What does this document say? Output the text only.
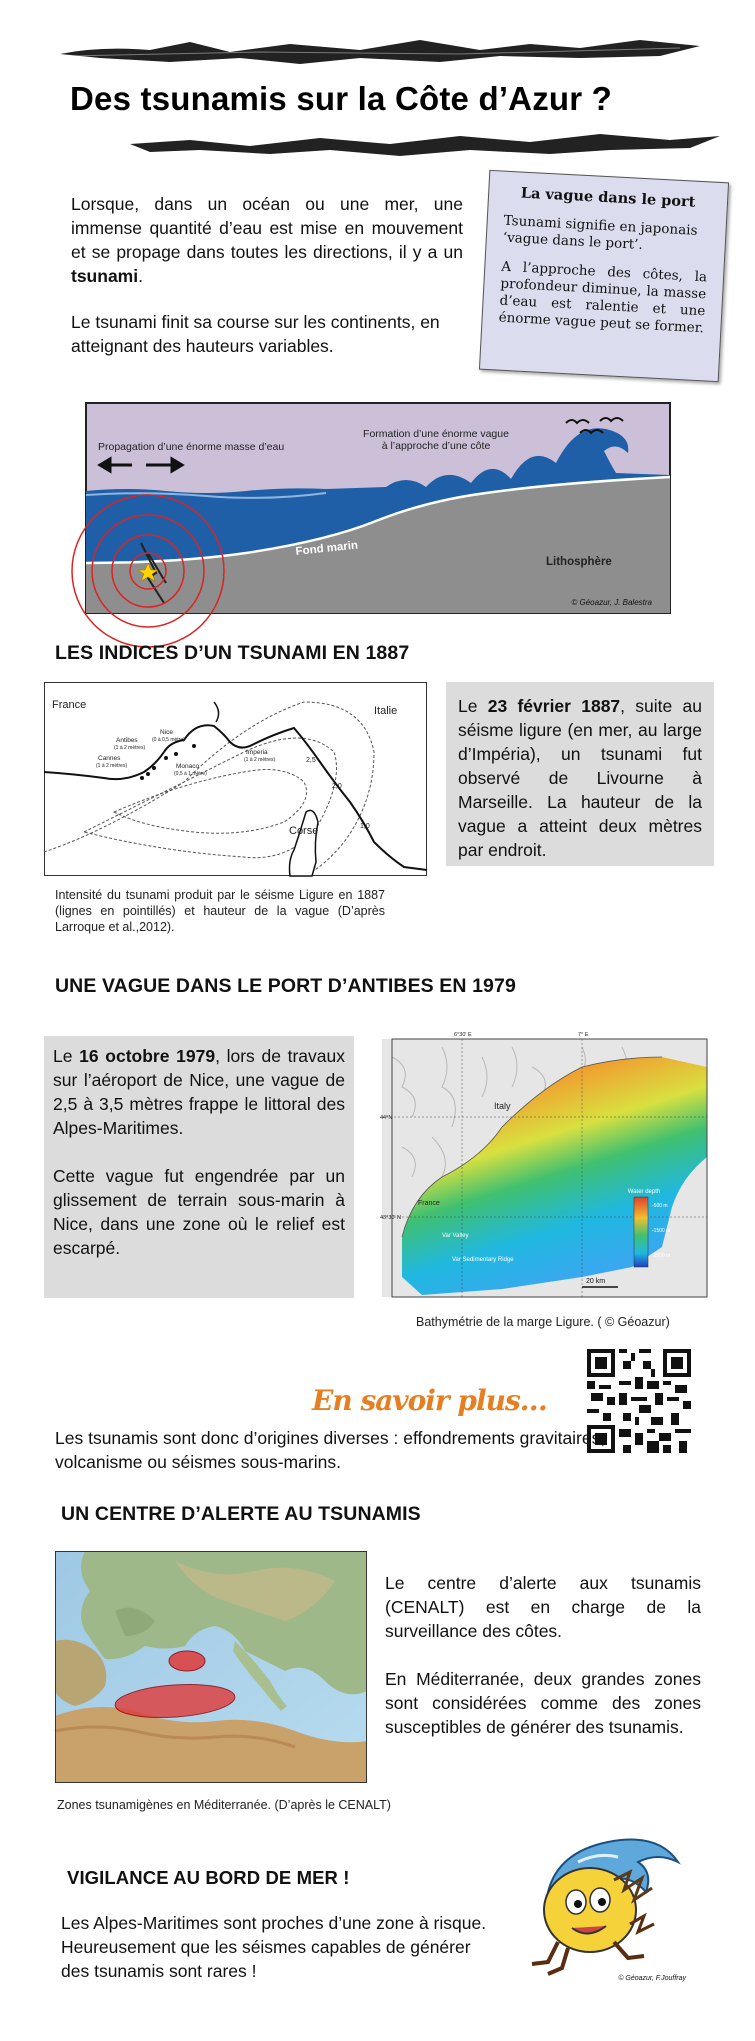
Des tsunamis sur la Côte d’Azur ?
Lorsque, dans un océan ou une mer, une immense quantité d’eau est mise en mouvement et se propage dans toutes les directions, il y a un tsunami.
Le tsunami finit sa course sur les continents, en atteignant des hauteurs variables.
La vague dans le port
Tsunami signifie en japonais ‘vague dans le port’.
A l’approche des côtes, la profondeur diminue, la masse d’eau est ralentie et une énorme vague peut se former.
Propagation d’une énorme masse d’eau
Formation d’une énorme vague
à l’approche d’une côte
Fond marin
Lithosphère
© Géoazur, J. Balestra
LES INDICES D’UN TSUNAMI EN 1887
France	Italie
Corse
Nice
(0 à 0,5 mètre)
Antibes
(1 à 2 mètres)
Cannes
(1 à 2 mètres)	Monaco
(0,5 à 1 mètre)
Imperia
(1 à 2 mètres)	2,5
2,0
1,0
Le 23 février 1887, suite au séisme ligure (en mer, au large d’Impéria), un tsunami fut observé de Livourne à Marseille. La hauteur de la vague a atteint deux mètres par endroit.
Intensité du tsunami produit par le séisme Ligure en 1887 (lignes en pointillés) et hauteur de la vague (D’après Larroque et al.,2012).
UNE VAGUE DANS LE PORT D’ANTIBES EN 1979
Le 16 octobre 1979, lors de travaux sur l’aéroport de Nice, une vague de 2,5 à 3,5 mètres frappe le littoral des Alpes-Maritimes.
Cette vague fut engendrée par un glissement de terrain sous-marin à Nice, dans une zone où le relief est escarpé.
Water depth
-500 m
-1500 m
-2500 m
20 km
Italy
France
Var Valley
Var Sedimentary Ridge
6°30' E	7° E
44°N
43°30' N
Bathymétrie de la marge Ligure. ( © Géoazur)
En savoir plus…
Les tsunamis sont donc d’origines diverses : effondrements gravitaires, volcanisme ou séismes sous-marins.
UN CENTRE D’ALERTE AU TSUNAMIS
Le centre d’alerte aux tsunamis (CENALT) est en charge de la surveillance des côtes.
En Méditerranée, deux grandes zones sont considérées comme des zones susceptibles de générer des tsunamis.
Zones tsunamigènes en Méditerranée. (D’après le CENALT)
VIGILANCE AU BORD DE MER !
Les Alpes-Maritimes sont proches d’une zone à risque. Heureusement que les séismes capables de générer des tsunamis sont rares !	© Géoazur, F.Jouffray
